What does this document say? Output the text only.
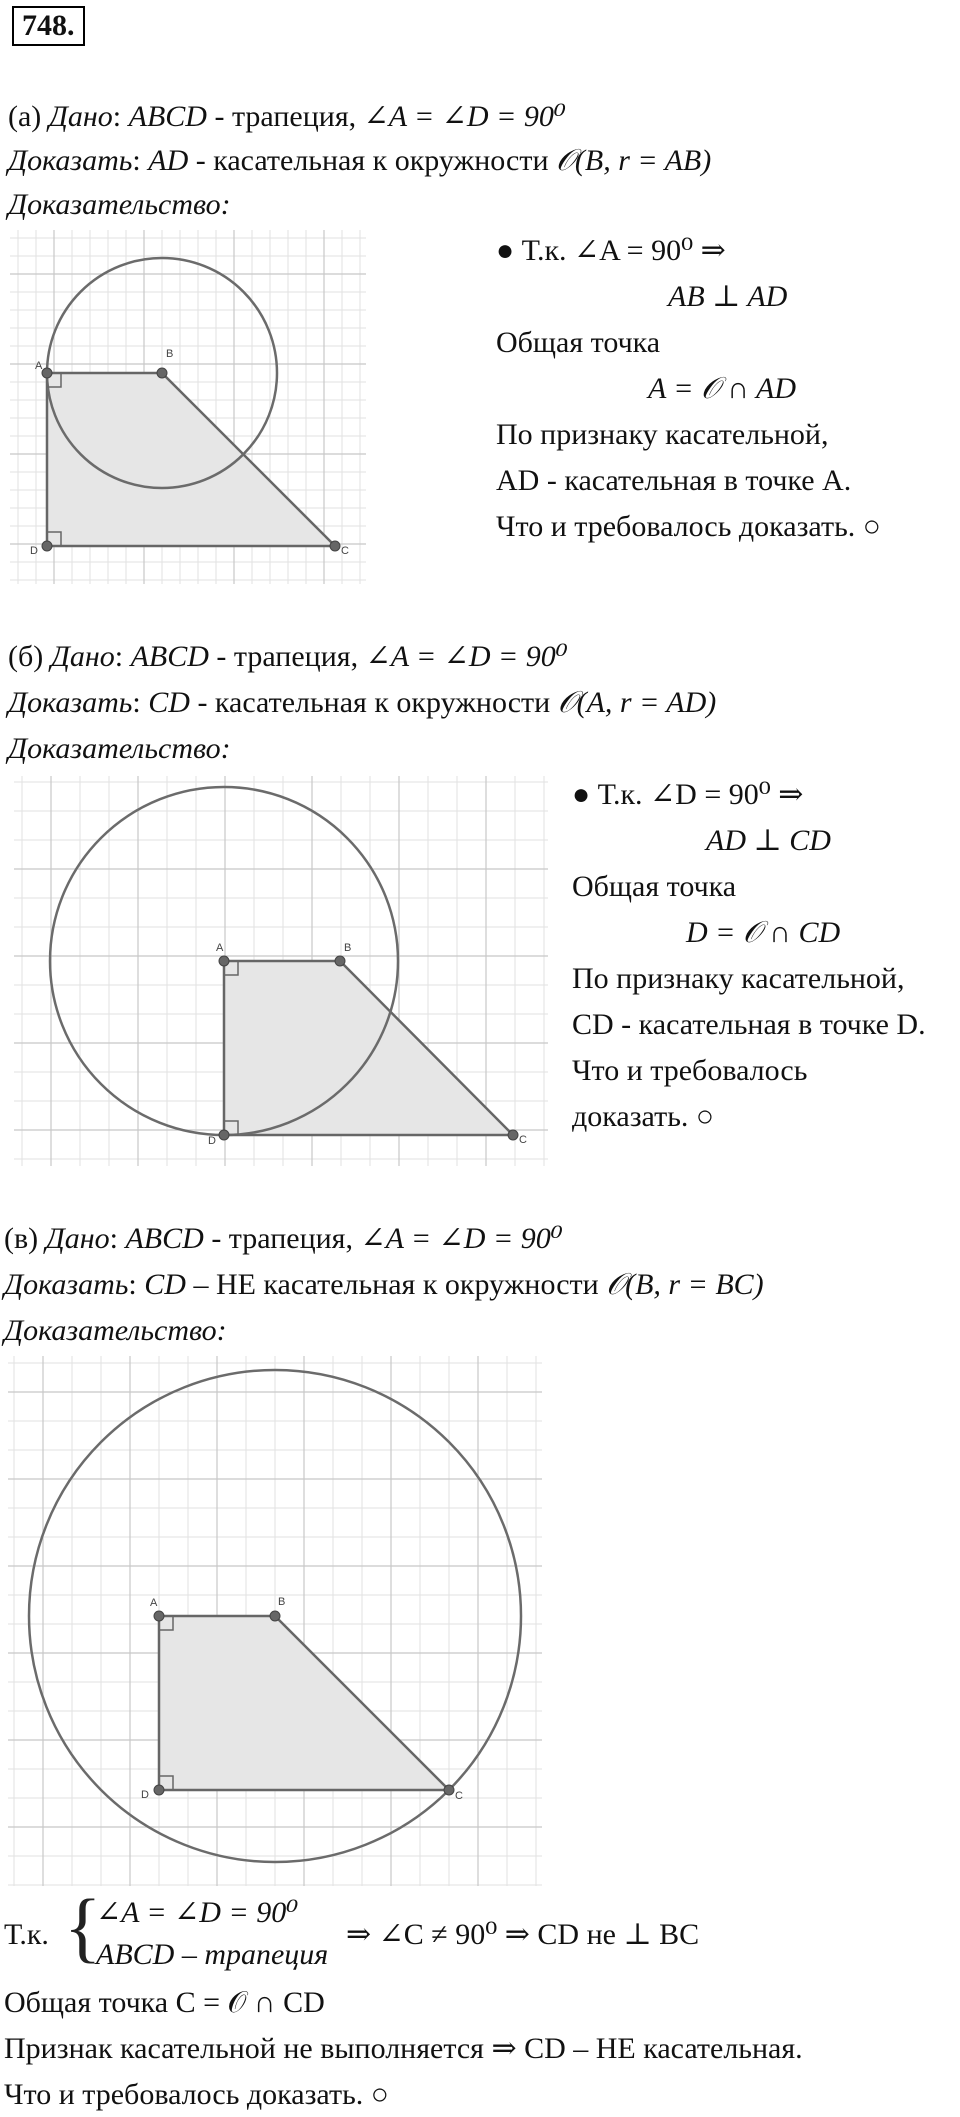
748.
(а) Дано: ABCD - трапеция, ∠A = ∠D = 90⁰
Доказать: AD - касательная к окружности 𝒪(B, r = AB)
Доказательство:
A
B
C
D
● Т.к. ∠A = 90⁰ ⇒
AB ⊥ AD
Общая точка
A = 𝒪 ∩ AD
По признаку касательной,
AD - касательная в точке A.
Что и требовалось доказать. ○
(б) Дано: ABCD - трапеция, ∠A = ∠D = 90⁰
Доказать: CD - касательная к окружности 𝒪(A, r = AD)
Доказательство:
A	B
C
D
● Т.к. ∠D = 90⁰ ⇒
AD ⊥ CD
Общая точка
D = 𝒪 ∩ CD
По признаку касательной,
CD - касательная в точке D.
Что и требовалось
доказать. ○
(в) Дано: ABCD - трапеция, ∠A = ∠D = 90⁰
Доказать: CD – НЕ касательная к окружности 𝒪(B, r = BC)
Доказательство:
A	B
C
D
Т.к. {
∠A = ∠D = 90⁰
ABCD – трапеция
⇒ ∠C ≠ 90⁰ ⇒ CD не ⊥ BC
Общая точка C = 𝒪 ∩ CD
Признак касательной не выполняется ⇒ CD – НЕ касательная.
Что и требовалось доказать. ○
